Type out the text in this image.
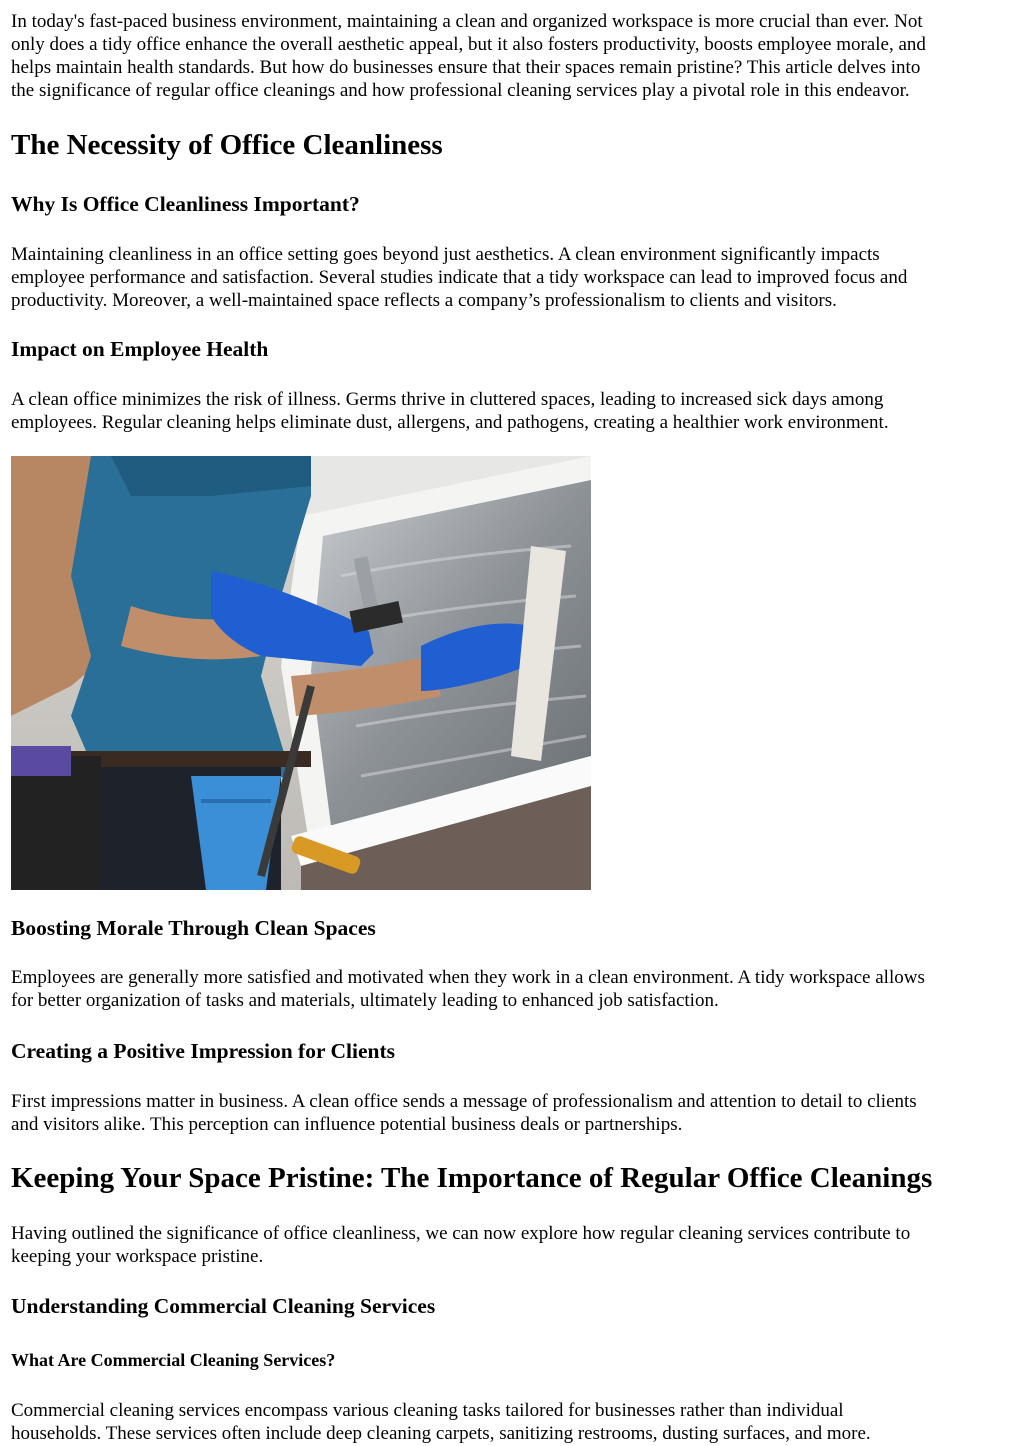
In today's fast-paced business environment, maintaining a clean and organized workspace is more crucial than ever. Not
only does a tidy office enhance the overall aesthetic appeal, but it also fosters productivity, boosts employee morale, and
helps maintain health standards. But how do businesses ensure that their spaces remain pristine? This article delves into
the significance of regular office cleanings and how professional cleaning services play a pivotal role in this endeavor.

The Necessity of Office Cleanliness
Why Is Office Cleanliness Important?

Maintaining cleanliness in an office setting goes beyond just aesthetics. A clean environment significantly impacts
employee performance and satisfaction. Several studies indicate that a tidy workspace can lead to improved focus and
productivity. Moreover, a well-maintained space reflects a company’s professionalism to clients and visitors.

Impact on Employee Health

A clean office minimizes the risk of illness. Germs thrive in cluttered spaces, leading to increased sick days among
employees. Regular cleaning helps eliminate dust, allergens, and pathogens, creating a healthier work environment.

Boosting Morale Through Clean Spaces

Employees are generally more satisfied and motivated when they work in a clean environment. A tidy workspace allows
for better organization of tasks and materials, ultimately leading to enhanced job satisfaction.

Creating a Positive Impression for Clients

First impressions matter in business. A clean office sends a message of professionalism and attention to detail to clients
and visitors alike. This perception can influence potential business deals or partnerships.

Keeping Your Space Pristine: The Importance of Regular Office Cleanings

Having outlined the significance of office cleanliness, we can now explore how regular cleaning services contribute to
keeping your workspace pristine.

Understanding Commercial Cleaning Services
What Are Commercial Cleaning Services?

Commercial cleaning services encompass various cleaning tasks tailored for businesses rather than individual
households. These services often include deep cleaning carpets, sanitizing restrooms, dusting surfaces, and more.
